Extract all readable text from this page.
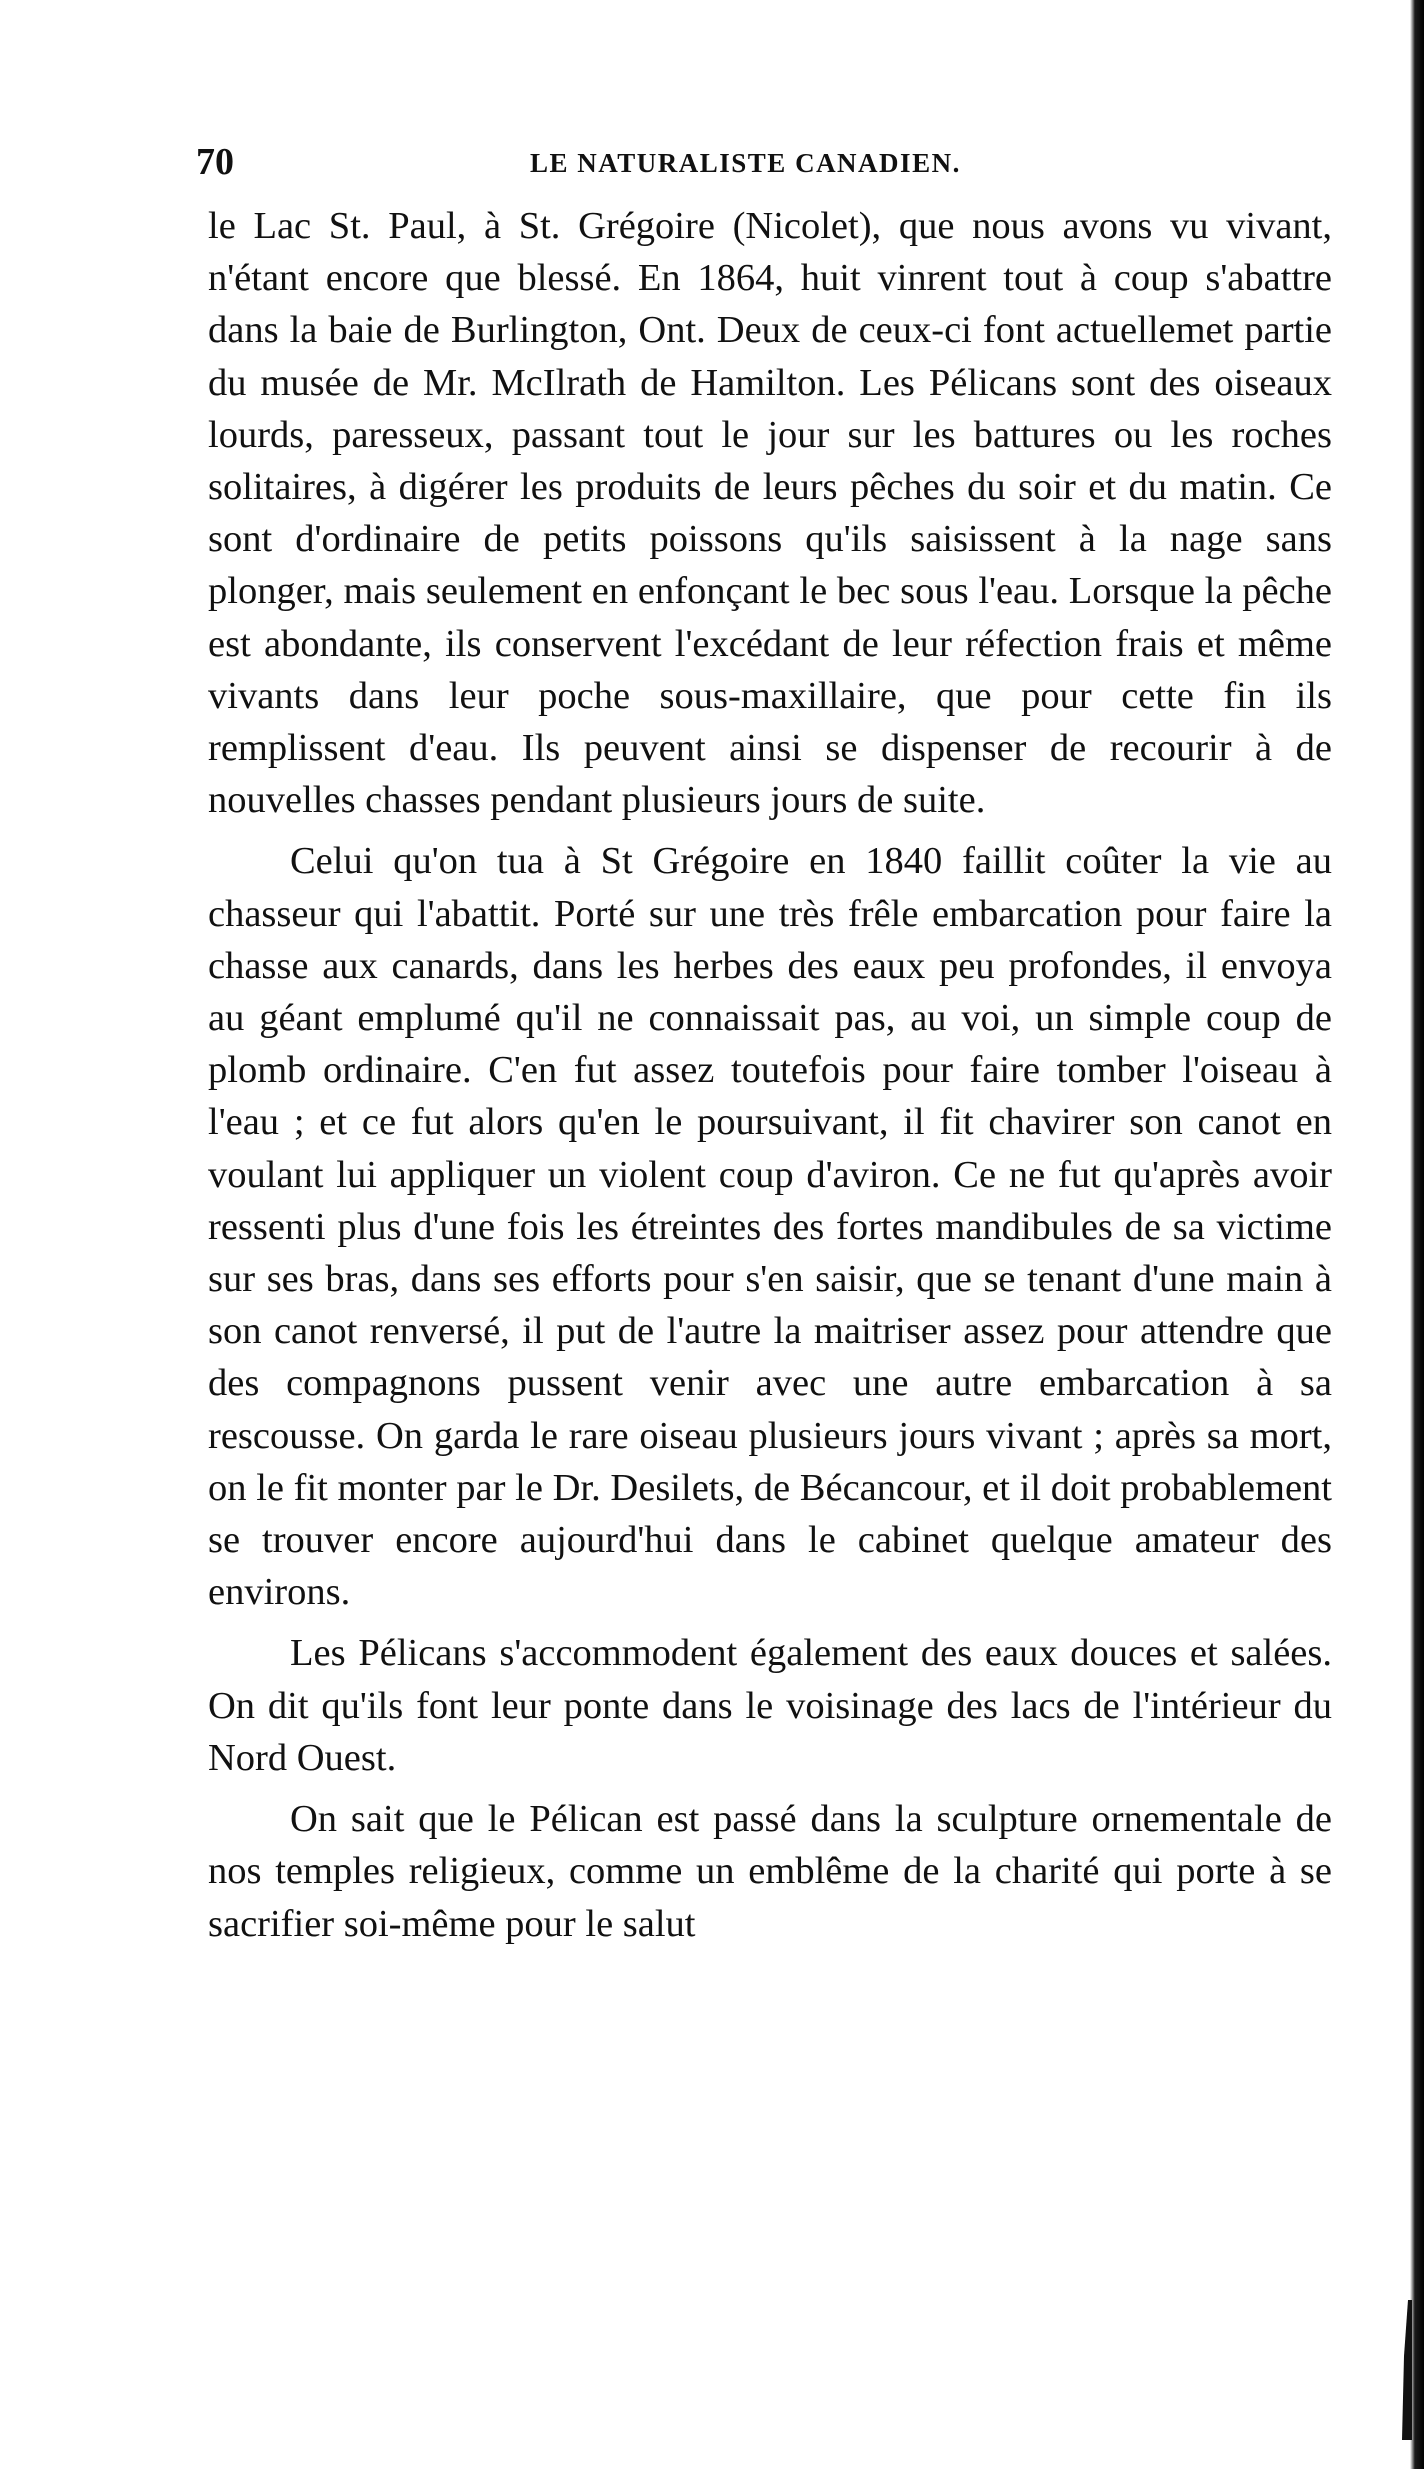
70	LE NATURALISTE CANADIEN.

le Lac St. Paul, à St. Grégoire (Nicolet), que nous avons vu vivant, n'étant encore que blessé. En 1864, huit vinrent tout à coup s'abattre dans la baie de Burlington, Ont. Deux de ceux-ci font actuellemet partie du musée de Mr. McIlrath de Hamilton. Les Pélicans sont des oiseaux lourds, paresseux, passant tout le jour sur les battures ou les roches solitaires, à digérer les produits de leurs pêches du soir et du matin. Ce sont d'ordinaire de petits poissons qu'ils saisissent à la nage sans plonger, mais seulement en enfonçant le bec sous l'eau. Lorsque la pêche est abondante, ils conservent l'excédant de leur réfection frais et même vivants dans leur poche sous-maxillaire, que pour cette fin ils remplissent d'eau. Ils peuvent ainsi se dispenser de recourir à de nouvelles chasses pendant plusieurs jours de suite.

Celui qu'on tua à St Grégoire en 1840 faillit coûter la vie au chasseur qui l'abattit. Porté sur une très frêle embarcation pour faire la chasse aux canards, dans les herbes des eaux peu profondes, il envoya au géant emplumé qu'il ne connaissait pas, au voi, un simple coup de plomb ordinaire. C'en fut assez toutefois pour faire tomber l'oiseau à l'eau ; et ce fut alors qu'en le poursuivant, il fit chavirer son canot en voulant lui appliquer un violent coup d'aviron. Ce ne fut qu'après avoir ressenti plus d'une fois les étreintes des fortes mandibules de sa victime sur ses bras, dans ses efforts pour s'en saisir, que se tenant d'une main à son canot renversé, il put de l'autre la maitriser assez pour attendre que des compagnons pussent venir avec une autre embarcation à sa rescousse. On garda le rare oiseau plusieurs jours vivant ; après sa mort, on le fit monter par le Dr. Desilets, de Bécancour, et il doit probablement se trouver encore aujourd'hui dans le cabinet quelque amateur des environs.

Les Pélicans s'accommodent également des eaux douces et salées. On dit qu'ils font leur ponte dans le voisinage des lacs de l'intérieur du Nord Ouest.

On sait que le Pélican est passé dans la sculpture ornementale de nos temples religieux, comme un emblême de la charité qui porte à se sacrifier soi-même pour le salut
